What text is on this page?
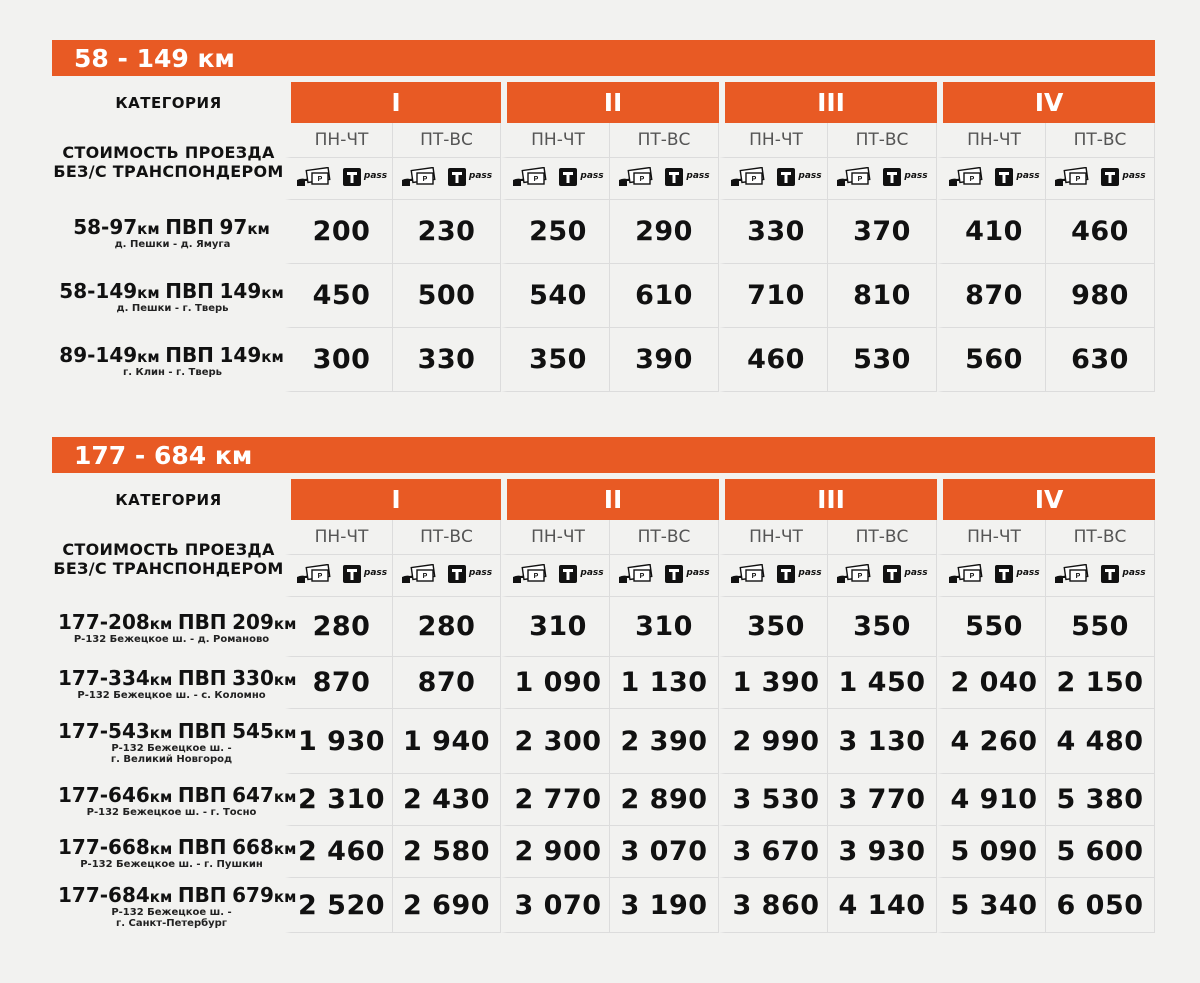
58 - 149 км
КАТЕГОРИЯ	I		II		III		IV	

СТОИМОСТЬ ПРОЕЗДА
БЕЗ/С ТРАНСПОНДЕРОМ	ПН-ЧТ	ПТ-ВС	ПН-ЧТ	ПТ-ВС	ПН-ЧТ	ПТ-ВС	ПН-ЧТ	ПТ-ВС

P pass	P pass	P pass	P pass	P pass	P pass	P pass	P pass

58-97км ПВП 97км
д. Пешки - д. Ямуга	200	230	250	290	330	370	410	460

58-149км ПВП 149км
д. Пешки - г. Тверь	450	500	540	610	710	810	870	980

89-149км ПВП 149км
г. Клин - г. Тверь	300	330	350	390	460	530	560	630
177 - 684 км
КАТЕГОРИЯ	I		II		III		IV	

СТОИМОСТЬ ПРОЕЗДА
БЕЗ/С ТРАНСПОНДЕРОМ	ПН-ЧТ	ПТ-ВС	ПН-ЧТ	ПТ-ВС	ПН-ЧТ	ПТ-ВС	ПН-ЧТ	ПТ-ВС

P pass	P pass	P pass	P pass	P pass	P pass	P pass	P pass

177-208км ПВП 209км
Р-132 Бежецкое ш. - д. Романово	280	280	310	310	350	350	550	550

177-334км ПВП 330км
Р-132 Бежецкое ш. - с. Коломно	870	870	1 090	1 130	1 390	1 450	2 040	2 150

177-543км ПВП 545км
Р-132 Бежецкое ш. -
г. Великий Новгород	1 930	1 940	2 300	2 390	2 990	3 130	4 260	4 480

177-646км ПВП 647км
Р-132 Бежецкое ш. - г. Тосно	2 310	2 430	2 770	2 890	3 530	3 770	4 910	5 380

177-668км ПВП 668км
Р-132 Бежецкое ш. - г. Пушкин	2 460	2 580	2 900	3 070	3 670	3 930	5 090	5 600

177-684км ПВП 679км
Р-132 Бежецкое ш. -
г. Санкт-Петербург	2 520	2 690	3 070	3 190	3 860	4 140	5 340	6 050
